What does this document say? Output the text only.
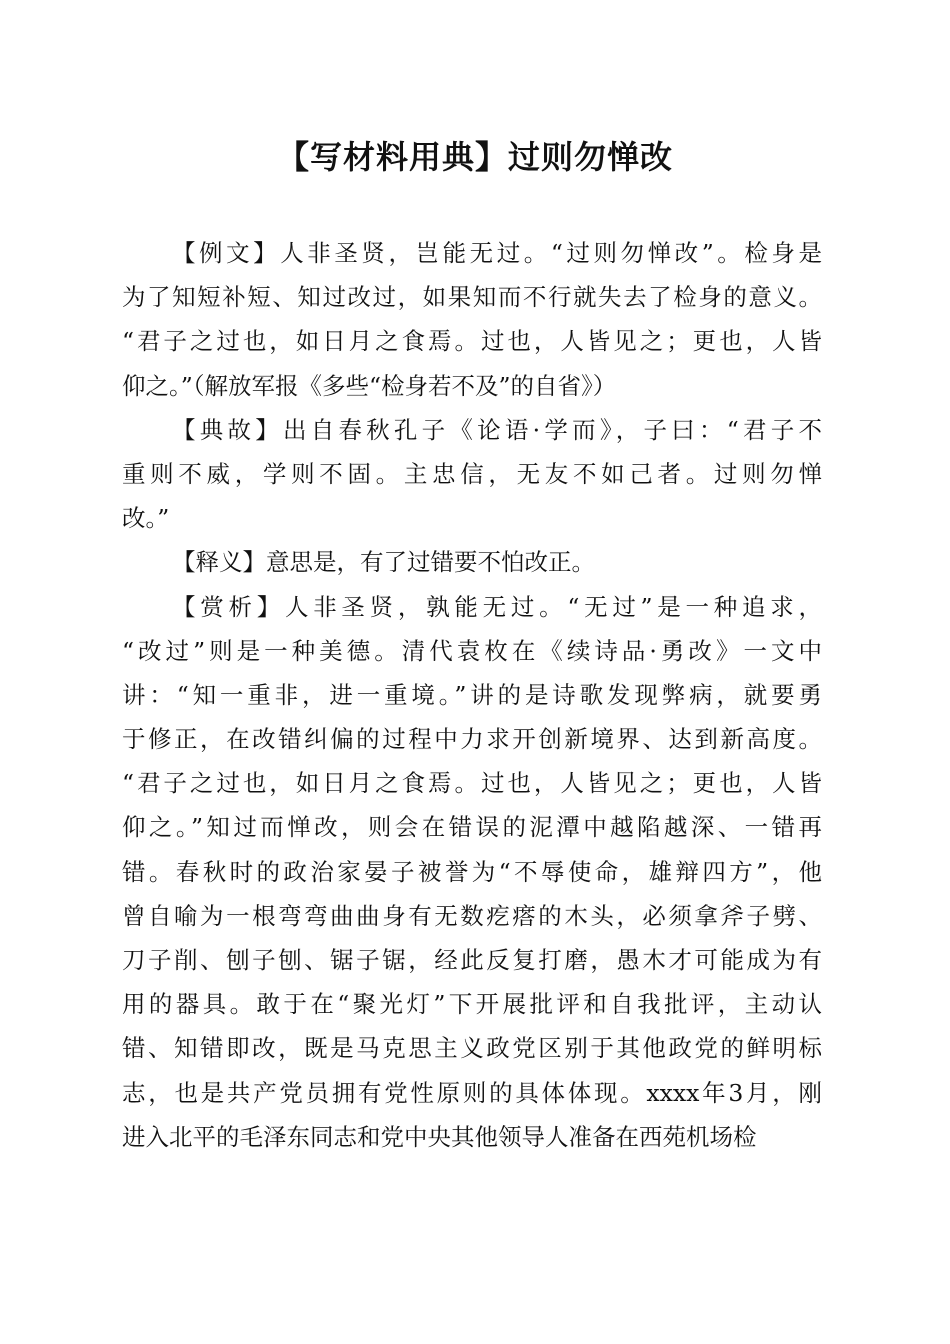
【写材料用典】过则勿惮改
【例文】人非圣贤，岂能无过。“过则勿惮改”。检身是
为了知短补短、知过改过，如果知而不行就失去了检身的意义。
“君子之过也，如日月之食焉。过也，人皆见之；更也，人皆
仰之。”（解放军报《多些“检身若不及”的自省》）
【典故】出自春秋孔子《论语·学而》，子曰：“君子不
重则不威，学则不固。主忠信，无友不如己者。过则勿惮
改。”
【释义】意思是，有了过错要不怕改正。
【赏析】人非圣贤，孰能无过。“无过”是一种追求，
“改过”则是一种美德。清代袁枚在《续诗品·勇改》一文中
讲：“知一重非，进一重境。”讲的是诗歌发现弊病，就要勇
于修正，在改错纠偏的过程中力求开创新境界、达到新高度。
“君子之过也，如日月之食焉。过也，人皆见之；更也，人皆
仰之。”知过而惮改，则会在错误的泥潭中越陷越深、一错再
错。春秋时的政治家晏子被誉为“不辱使命，雄辩四方”，他
曾自喻为一根弯弯曲曲身有无数疙瘩的木头，必须拿斧子劈、
刀子削、刨子刨、锯子锯，经此反复打磨，愚木才可能成为有
用的器具。敢于在“聚光灯”下开展批评和自我批评，主动认
错、知错即改，既是马克思主义政党区别于其他政党的鲜明标
志，也是共产党员拥有党性原则的具体体现。xxxx年3月，刚
进入北平的毛泽东同志和党中央其他领导人准备在西苑机场检
